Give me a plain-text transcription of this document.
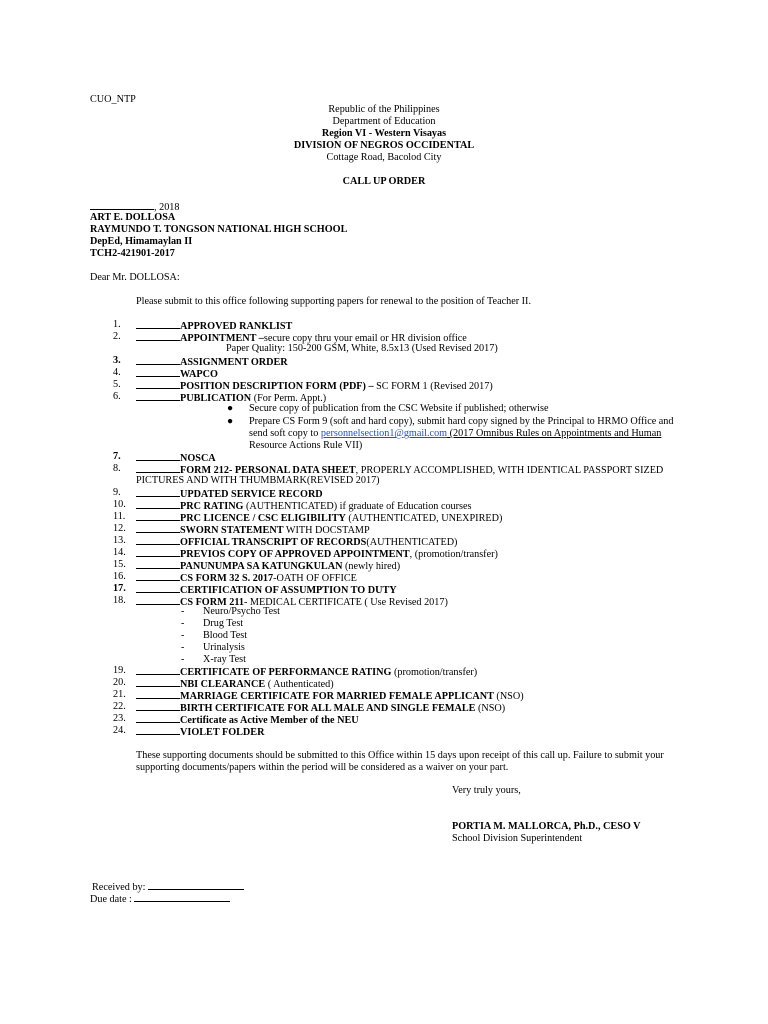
CUO_NTP
Republic of the Philippines
Department of Education
Region VI - Western Visayas
DIVISION OF NEGROS OCCIDENTAL
Cottage Road, Bacolod City
CALL UP ORDER
, 2018
ART E. DOLLOSA
RAYMUNDO T. TONGSON NATIONAL HIGH SCHOOL
DepEd, Himamaylan II
TCH2-421901-2017
Dear Mr. DOLLOSA:
Please submit to this office following supporting papers for renewal to the position of Teacher II.
1.	APPROVED RANKLIST
2.	APPOINTMENT –secure copy thru your email or HR division office
3.	ASSIGNMENT ORDER
4.	WAPCO
5.	POSITION DESCRIPTION FORM (PDF) – SC FORM 1 (Revised 2017)
6.	PUBLICATION (For Perm. Appt.)
7.	NOSCA
8.	FORM 212- PERSONAL DATA SHEET, PROPERLY ACCOMPLISHED, WITH IDENTICAL PASSPORT SIZED
9.	UPDATED SERVICE RECORD
10.	PRC RATING (AUTHENTICATED) if graduate of Education courses
11.	PRC LICENCE / CSC ELIGIBILITY (AUTHENTICATED, UNEXPIRED)
12.	SWORN STATEMENT WITH DOCSTAMP
13.	OFFICIAL TRANSCRIPT OF RECORDS(AUTHENTICATED)
14.	PREVIOS COPY OF APPROVED APPOINTMENT, (promotion/transfer)
15.	PANUNUMPA SA KATUNGKULAN (newly hired)
16.	CS FORM 32 S. 2017-OATH OF OFFICE
17.	CERTIFICATION OF ASSUMPTION TO DUTY
18.	CS FORM 211- MEDICAL CERTIFICATE ( Use Revised 2017)
19.	CERTIFICATE OF PERFORMANCE RATING (promotion/transfer)
20.	NBI CLEARANCE ( Authenticated)
21.	MARRIAGE CERTIFICATE FOR MARRIED FEMALE APPLICANT (NSO)
22.	BIRTH CERTIFICATE FOR ALL MALE AND SINGLE FEMALE (NSO)
23.	Certificate as Active Member of the NEU
24.	VIOLET FOLDER
Paper Quality: 150-200 GSM, White, 8.5x13 (Used Revised 2017)
● Secure copy of publication from the CSC Website if published; otherwise
● Prepare CS Form 9 (soft and hard copy), submit hard copy signed by the Principal to HRMO Office and
send soft copy to personnelsection1@gmail.com (2017 Omnibus Rules on Appointments and Human
Resource Actions Rule VII)
PICTURES AND WITH THUMBMARK(REVISED 2017)
- Neuro/Psycho Test
- Drug Test
- Blood Test
- Urinalysis
- X-ray Test
These supporting documents should be submitted to this Office within 15 days upon receipt of this call up. Failure to submit your
supporting documents/papers within the period will be considered as a waiver on your part.
Very truly yours,
PORTIA M. MALLORCA, Ph.D., CESO V
School Division Superintendent
Received by:
Due date :
